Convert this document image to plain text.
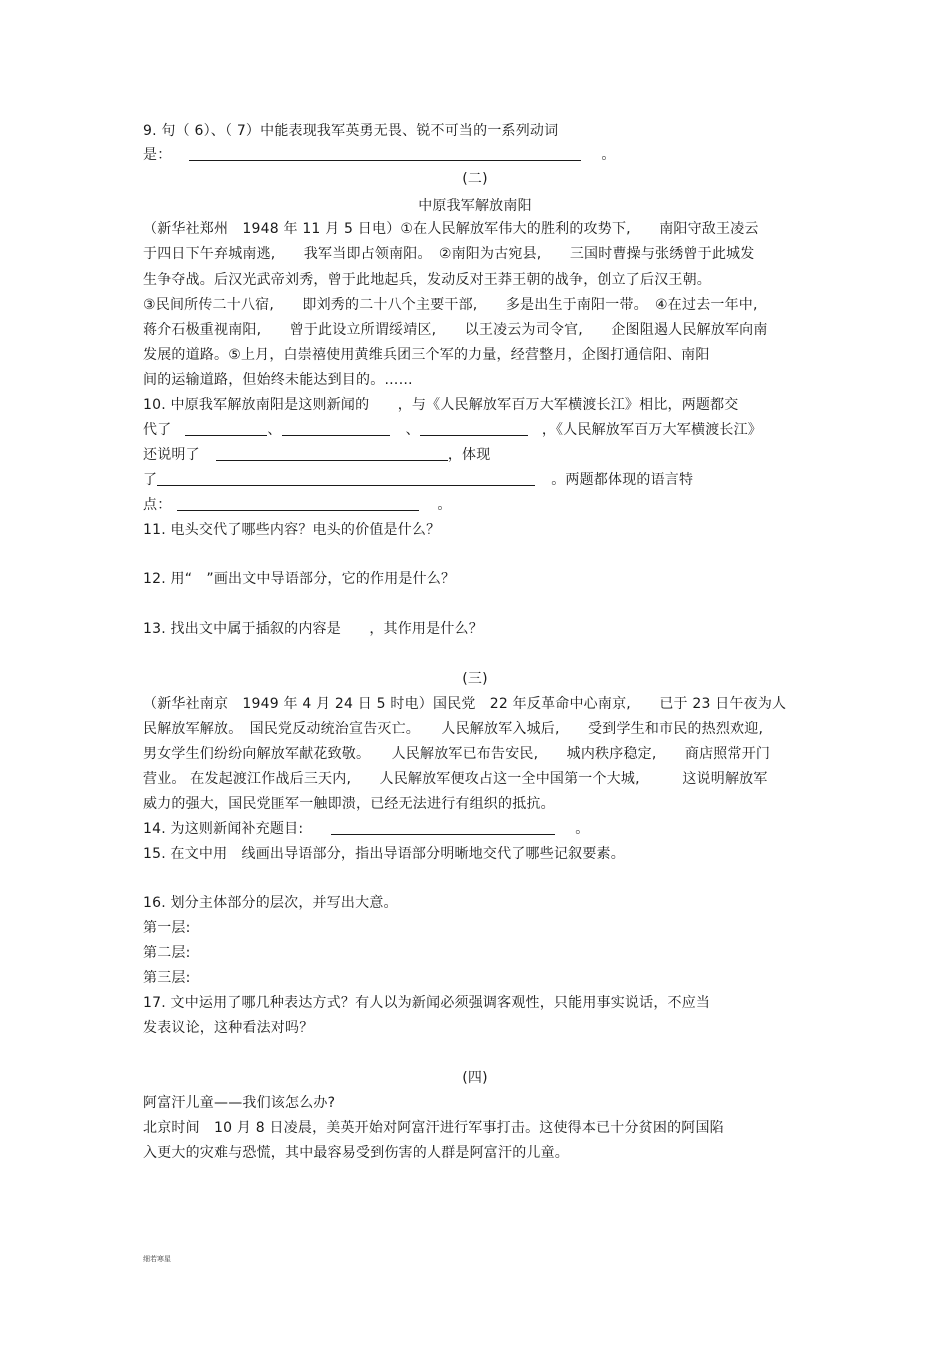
9. 句（ 6）、（ 7）中能表现我军英勇无畏、锐不可当的一系列动词
是：	。
(二)
中原我军解放南阳
（新华社郑州　1948 年 11 月 5 日电）①在人民解放军伟大的胜利的攻势下,　　南阳守敌王凌云
于四日下午弃城南逃,　　我军当即占领南阳。　②南阳为古宛县,　　三国时曹操与张绣曾于此城发
生争夺战。后汉光武帝刘秀，曾于此地起兵，发动反对王莽王朝的战争，创立了后汉王朝。
③民间所传二十八宿,　　即刘秀的二十八个主要干部,　　多是出生于南阳一带。　④在过去一年中,
蒋介石极重视南阳,　　曾于此设立所谓绥靖区,　　以王凌云为司令官,　　企图阻遏人民解放军向南
发展的道路。⑤上月，白崇禧使用黄维兵团三个军的力量，经营整月，企图打通信阳、南阳
间的运输道路，但始终未能达到目的。……
10. 中原我军解放南阳是这则新闻的　　，与《人民解放军百万大军横渡长江》相比，两题都交
代了	、	、	，《人民解放军百万大军横渡长江》
还说明了	，体现
了	。两题都体现的语言特
点：	。
11. 电头交代了哪些内容？电头的价值是什么？
12. 用“　”画出文中导语部分，它的作用是什么？
13. 找出文中属于插叙的内容是　　，其作用是什么？
(三)
（新华社南京　1949 年 4 月 24 日 5 时电）国民党　22 年反革命中心南京,　　已于 23 日午夜为人
民解放军解放。　国民党反动统治宣告灭亡。　　人民解放军入城后,　　受到学生和市民的热烈欢迎,
男女学生们纷纷向解放军献花致敬。　　人民解放军已布告安民,　　城内秩序稳定,　　商店照常开门
营业。 在发起渡江作战后三天内,　　人民解放军便攻占这一全中国第一个大城,　　　这说明解放军
威力的强大，国民党匪军一触即溃，已经无法进行有组织的抵抗。
14. 为这则新闻补充题目:	。
15. 在文中用　线画出导语部分，指出导语部分明晰地交代了哪些记叙要素。
16. 划分主体部分的层次，并写出大意。
第一层:
第二层:
第三层:
17. 文中运用了哪几种表达方式？有人以为新闻必须强调客观性，只能用事实说话，不应当
发表议论，这种看法对吗？
(四)
阿富汗儿童——我们该怎么办?
北京时间　10 月 8 日凌晨，美英开始对阿富汗进行军事打击。这使得本已十分贫困的阿国陷
入更大的灾难与恐慌，其中最容易受到伤害的人群是阿富汗的儿童。
细若寒星
